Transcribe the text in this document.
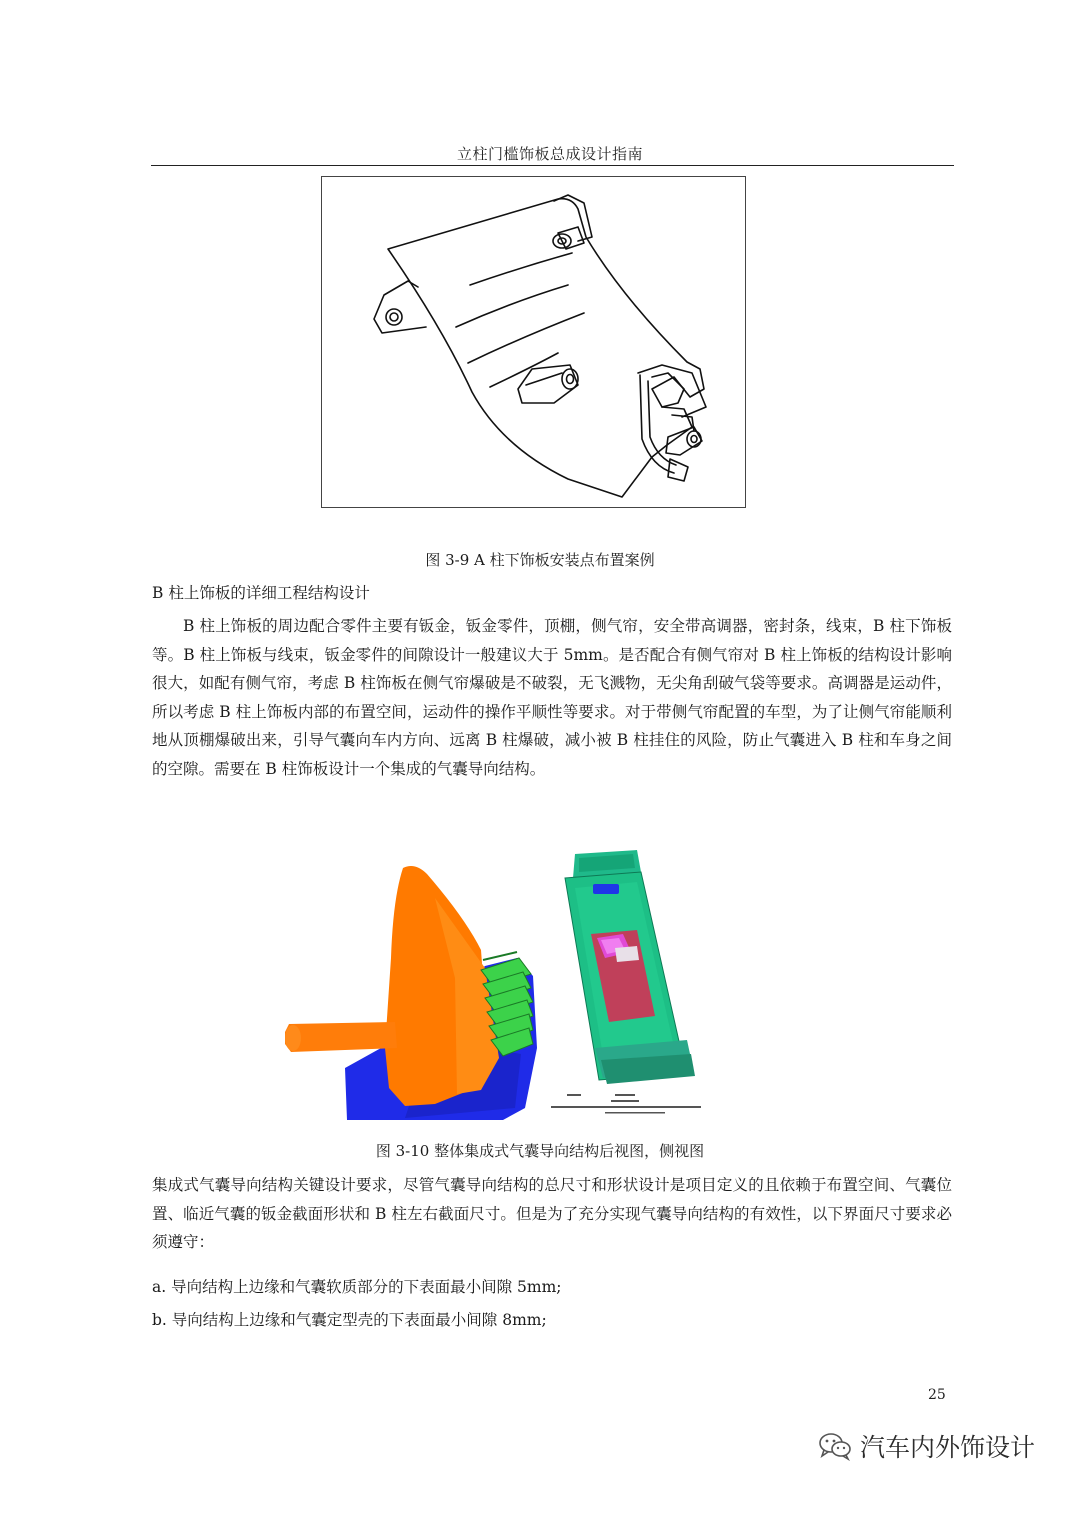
立柱门槛饰板总成设计指南
图 3-9 A 柱下饰板安装点布置案例
B 柱上饰板的详细工程结构设计
B 柱上饰板的周边配合零件主要有钣金，钣金零件，顶棚，侧气帘，安全带高调器，密封条，线束，B 柱下饰板等。B 柱上饰板与线束，钣金零件的间隙设计一般建议大于 5mm。是否配合有侧气帘对 B 柱上饰板的结构设计影响很大，如配有侧气帘，考虑 B 柱饰板在侧气帘爆破是不破裂，无飞溅物，无尖角刮破气袋等要求。高调器是运动件，所以考虑 B 柱上饰板内部的布置空间，运动件的操作平顺性等要求。对于带侧气帘配置的车型，为了让侧气帘能顺利地从顶棚爆破出来，引导气囊向车内方向、远离 B 柱爆破，减小被 B 柱挂住的风险，防止气囊进入 B 柱和车身之间的空隙。需要在 B 柱饰板设计一个集成的气囊导向结构。
图 3-10 整体集成式气囊导向结构后视图，侧视图
集成式气囊导向结构关键设计要求，尽管气囊导向结构的总尺寸和形状设计是项目定义的且依赖于布置空间、气囊位置、临近气囊的钣金截面形状和 B 柱左右截面尺寸。但是为了充分实现气囊导向结构的有效性，以下界面尺寸要求必须遵守：
a. 导向结构上边缘和气囊软质部分的下表面最小间隙 5mm;
b. 导向结构上边缘和气囊定型壳的下表面最小间隙 8mm;
25
汽车内外饰设计
